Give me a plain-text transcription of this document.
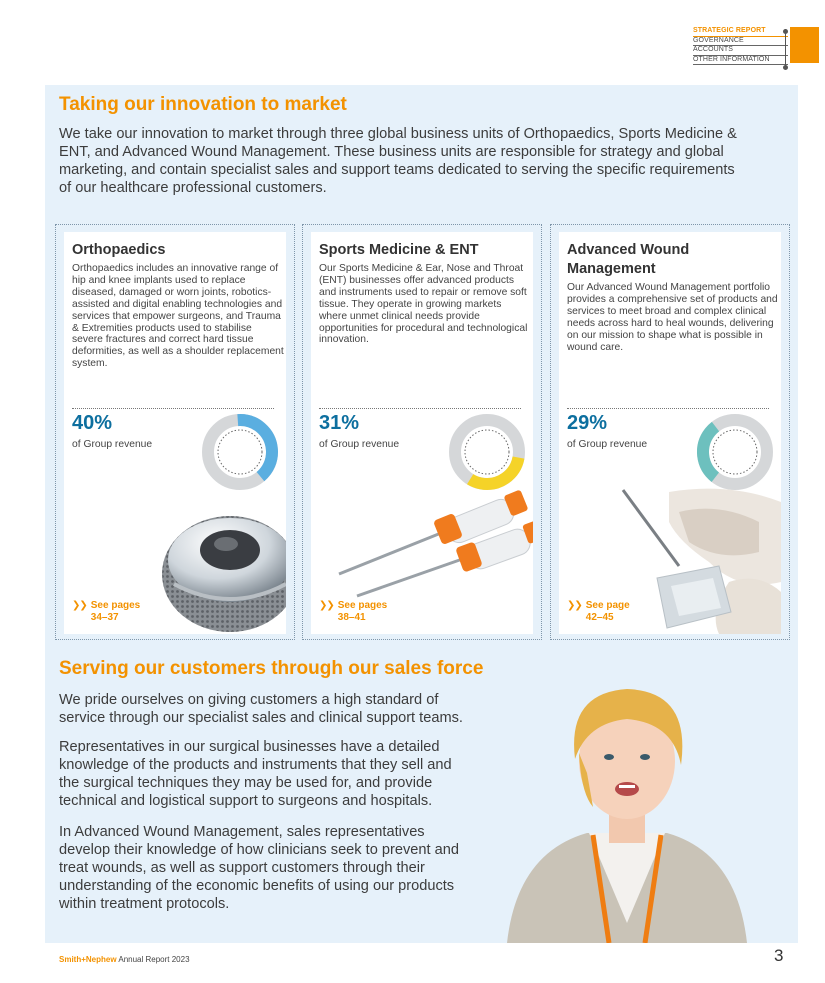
STRATEGIC REPORT
GOVERNANCE
ACCOUNTS
OTHER INFORMATION
Taking our innovation to market
We take our innovation to market through three global business units of Orthopaedics, Sports Medicine & ENT, and Advanced Wound Management. These business units are responsible for strategy and global marketing, and contain specialist sales and support teams dedicated to serving the specific requirements of our healthcare professional customers.
Orthopaedics
Orthopaedics includes an innovative range of hip and knee implants used to replace diseased, damaged or worn joints, robotics-assisted and digital enabling technologies and services that empower surgeons, and Trauma & Extremities products used to stabilise severe fractures and correct hard tissue deformities, as well as a shoulder replacement system.
40%
of Group revenue
❯❯ See pages
34–37
Sports Medicine & ENT
Our Sports Medicine & Ear, Nose and Throat (ENT) businesses offer advanced products and instruments used to repair or remove soft tissue. They operate in growing markets where unmet clinical needs provide opportunities for procedural and technological innovation.
31%
of Group revenue
❯❯ See pages
38–41
Advanced Wound Management
Our Advanced Wound Management portfolio provides a comprehensive set of products and services to meet broad and complex clinical needs across hard to heal wounds, delivering on our mission to shape what is possible in wound care.
29%
of Group revenue
❯❯ See page
42–45
Serving our customers through our sales force
We pride ourselves on giving customers a high standard of service through our specialist sales and clinical support teams.
Representatives in our surgical businesses have a detailed knowledge of the products and instruments that they sell and the surgical techniques they may be used for, and provide technical and logistical support to surgeons and hospitals.
In Advanced Wound Management, sales representatives develop their knowledge of how clinicians seek to prevent and treat wounds, as well as support customers through their understanding of the economic benefits of using our products within treatment protocols.
Smith+Nephew Annual Report 2023	3
